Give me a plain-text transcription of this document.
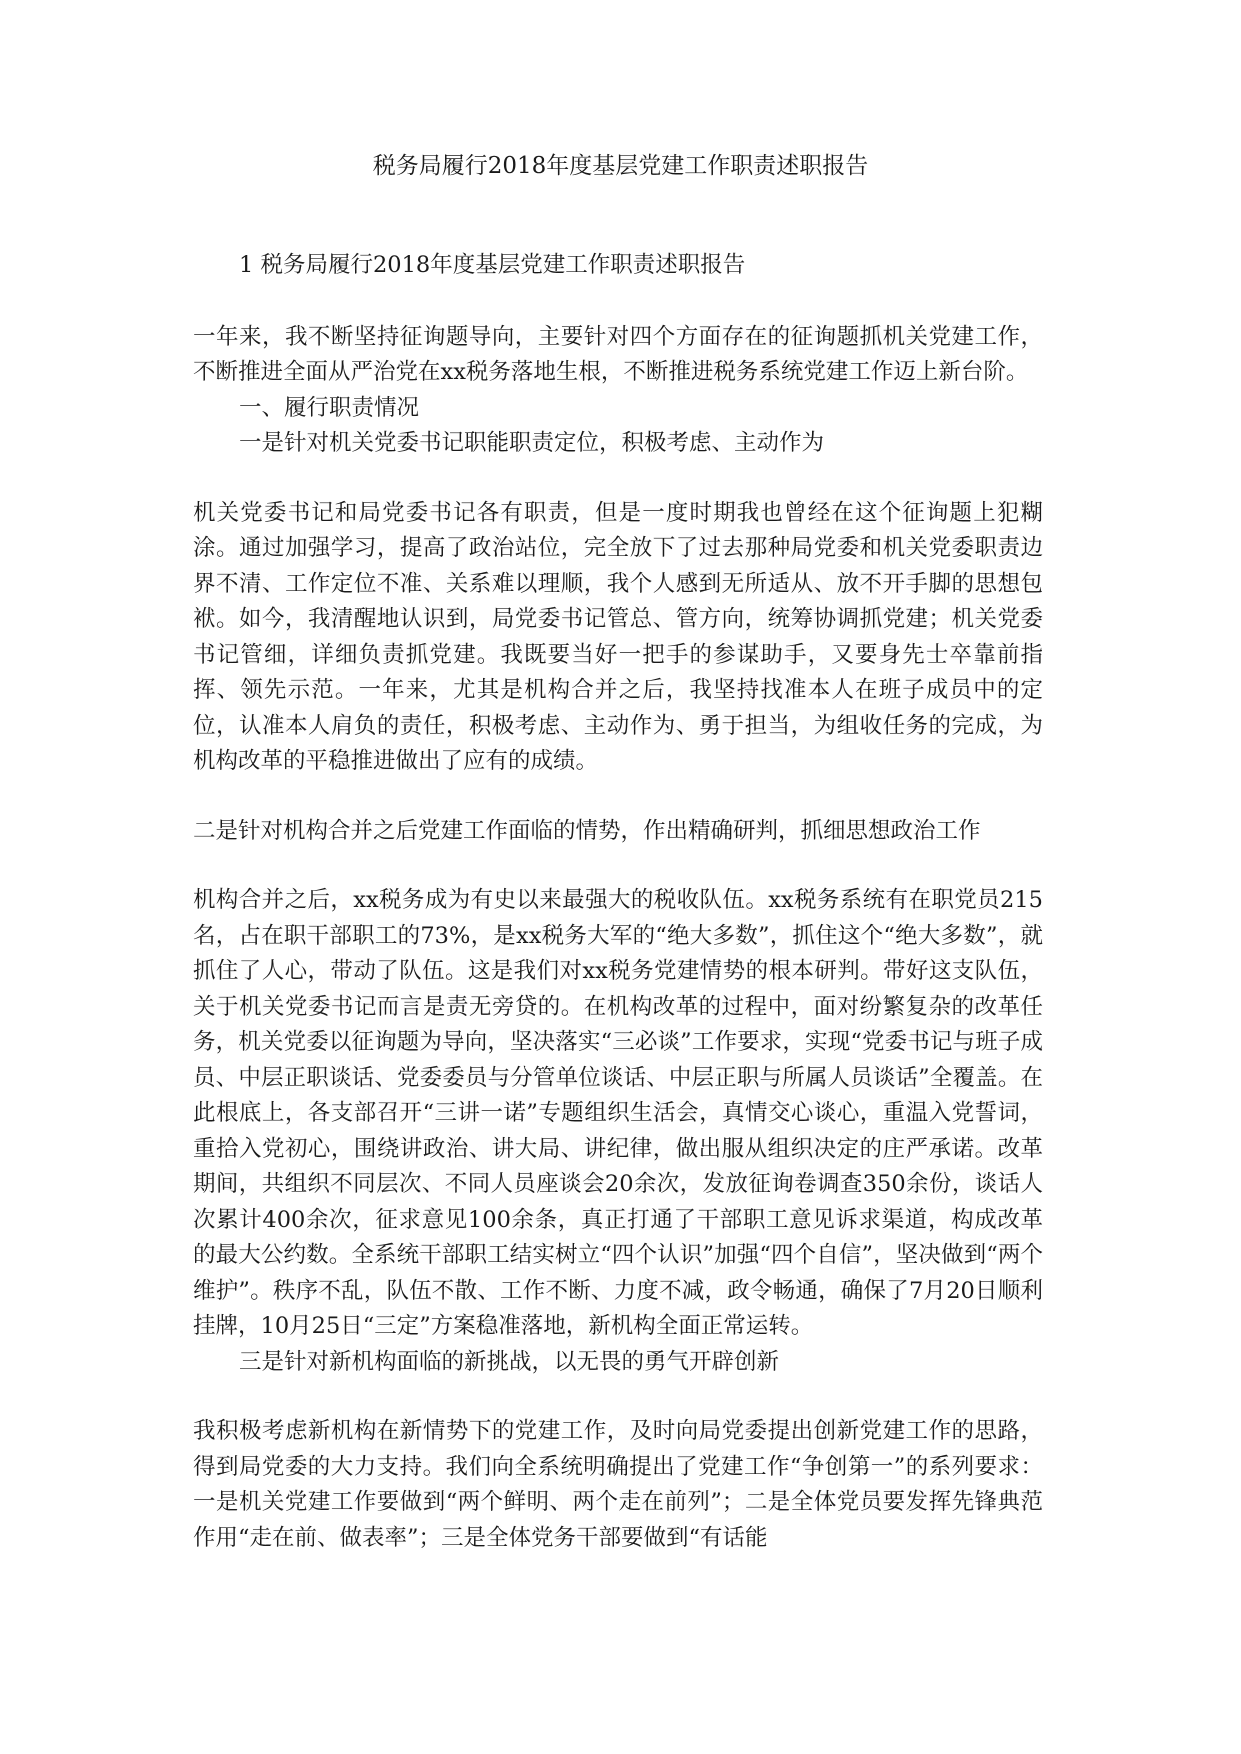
税务局履行2018年度基层党建工作职责述职报告

1 税务局履行2018年度基层党建工作职责述职报告

一年来，我不断坚持征询题导向，主要针对四个方面存在的征询题抓机关党建工作，不断推进全面从严治党在xx税务落地生根，不断推进税务系统党建工作迈上新台阶。

一、履行职责情况

一是针对机关党委书记职能职责定位，积极考虑、主动作为

机关党委书记和局党委书记各有职责，但是一度时期我也曾经在这个征询题上犯糊涂。通过加强学习，提高了政治站位，完全放下了过去那种局党委和机关党委职责边界不清、工作定位不准、关系难以理顺，我个人感到无所适从、放不开手脚的思想包袱。如今，我清醒地认识到，局党委书记管总、管方向，统筹协调抓党建；机关党委书记管细，详细负责抓党建。我既要当好一把手的参谋助手，又要身先士卒靠前指挥、领先示范。一年来，尤其是机构合并之后，我坚持找准本人在班子成员中的定位，认准本人肩负的责任，积极考虑、主动作为、勇于担当，为组收任务的完成，为机构改革的平稳推进做出了应有的成绩。

二是针对机构合并之后党建工作面临的情势，作出精确研判，抓细思想政治工作

机构合并之后，xx税务成为有史以来最强大的税收队伍。xx税务系统有在职党员215名，占在职干部职工的73%，是xx税务大军的“绝大多数”，抓住这个“绝大多数”，就抓住了人心，带动了队伍。这是我们对xx税务党建情势的根本研判。带好这支队伍，关于机关党委书记而言是责无旁贷的。在机构改革的过程中，面对纷繁复杂的改革任务，机关党委以征询题为导向，坚决落实“三必谈”工作要求，实现“党委书记与班子成员、中层正职谈话、党委委员与分管单位谈话、中层正职与所属人员谈话”全覆盖。在此根底上，各支部召开“三讲一诺”专题组织生活会，真情交心谈心，重温入党誓词，重拾入党初心，围绕讲政治、讲大局、讲纪律，做出服从组织决定的庄严承诺。改革期间，共组织不同层次、不同人员座谈会20余次，发放征询卷调查350余份，谈话人次累计400余次，征求意见100余条，真正打通了干部职工意见诉求渠道，构成改革的最大公约数。全系统干部职工结实树立“四个认识”加强“四个自信”，坚决做到“两个维护”。秩序不乱，队伍不散、工作不断、力度不减，政令畅通，确保了7月20日顺利挂牌，10月25日“三定”方案稳准落地，新机构全面正常运转。

三是针对新机构面临的新挑战，以无畏的勇气开辟创新

我积极考虑新机构在新情势下的党建工作，及时向局党委提出创新党建工作的思路，得到局党委的大力支持。我们向全系统明确提出了党建工作“争创第一”的系列要求：一是机关党建工作要做到“两个鲜明、两个走在前列”；二是全体党员要发挥先锋典范作用“走在前、做表率”；三是全体党务干部要做到“有话能
